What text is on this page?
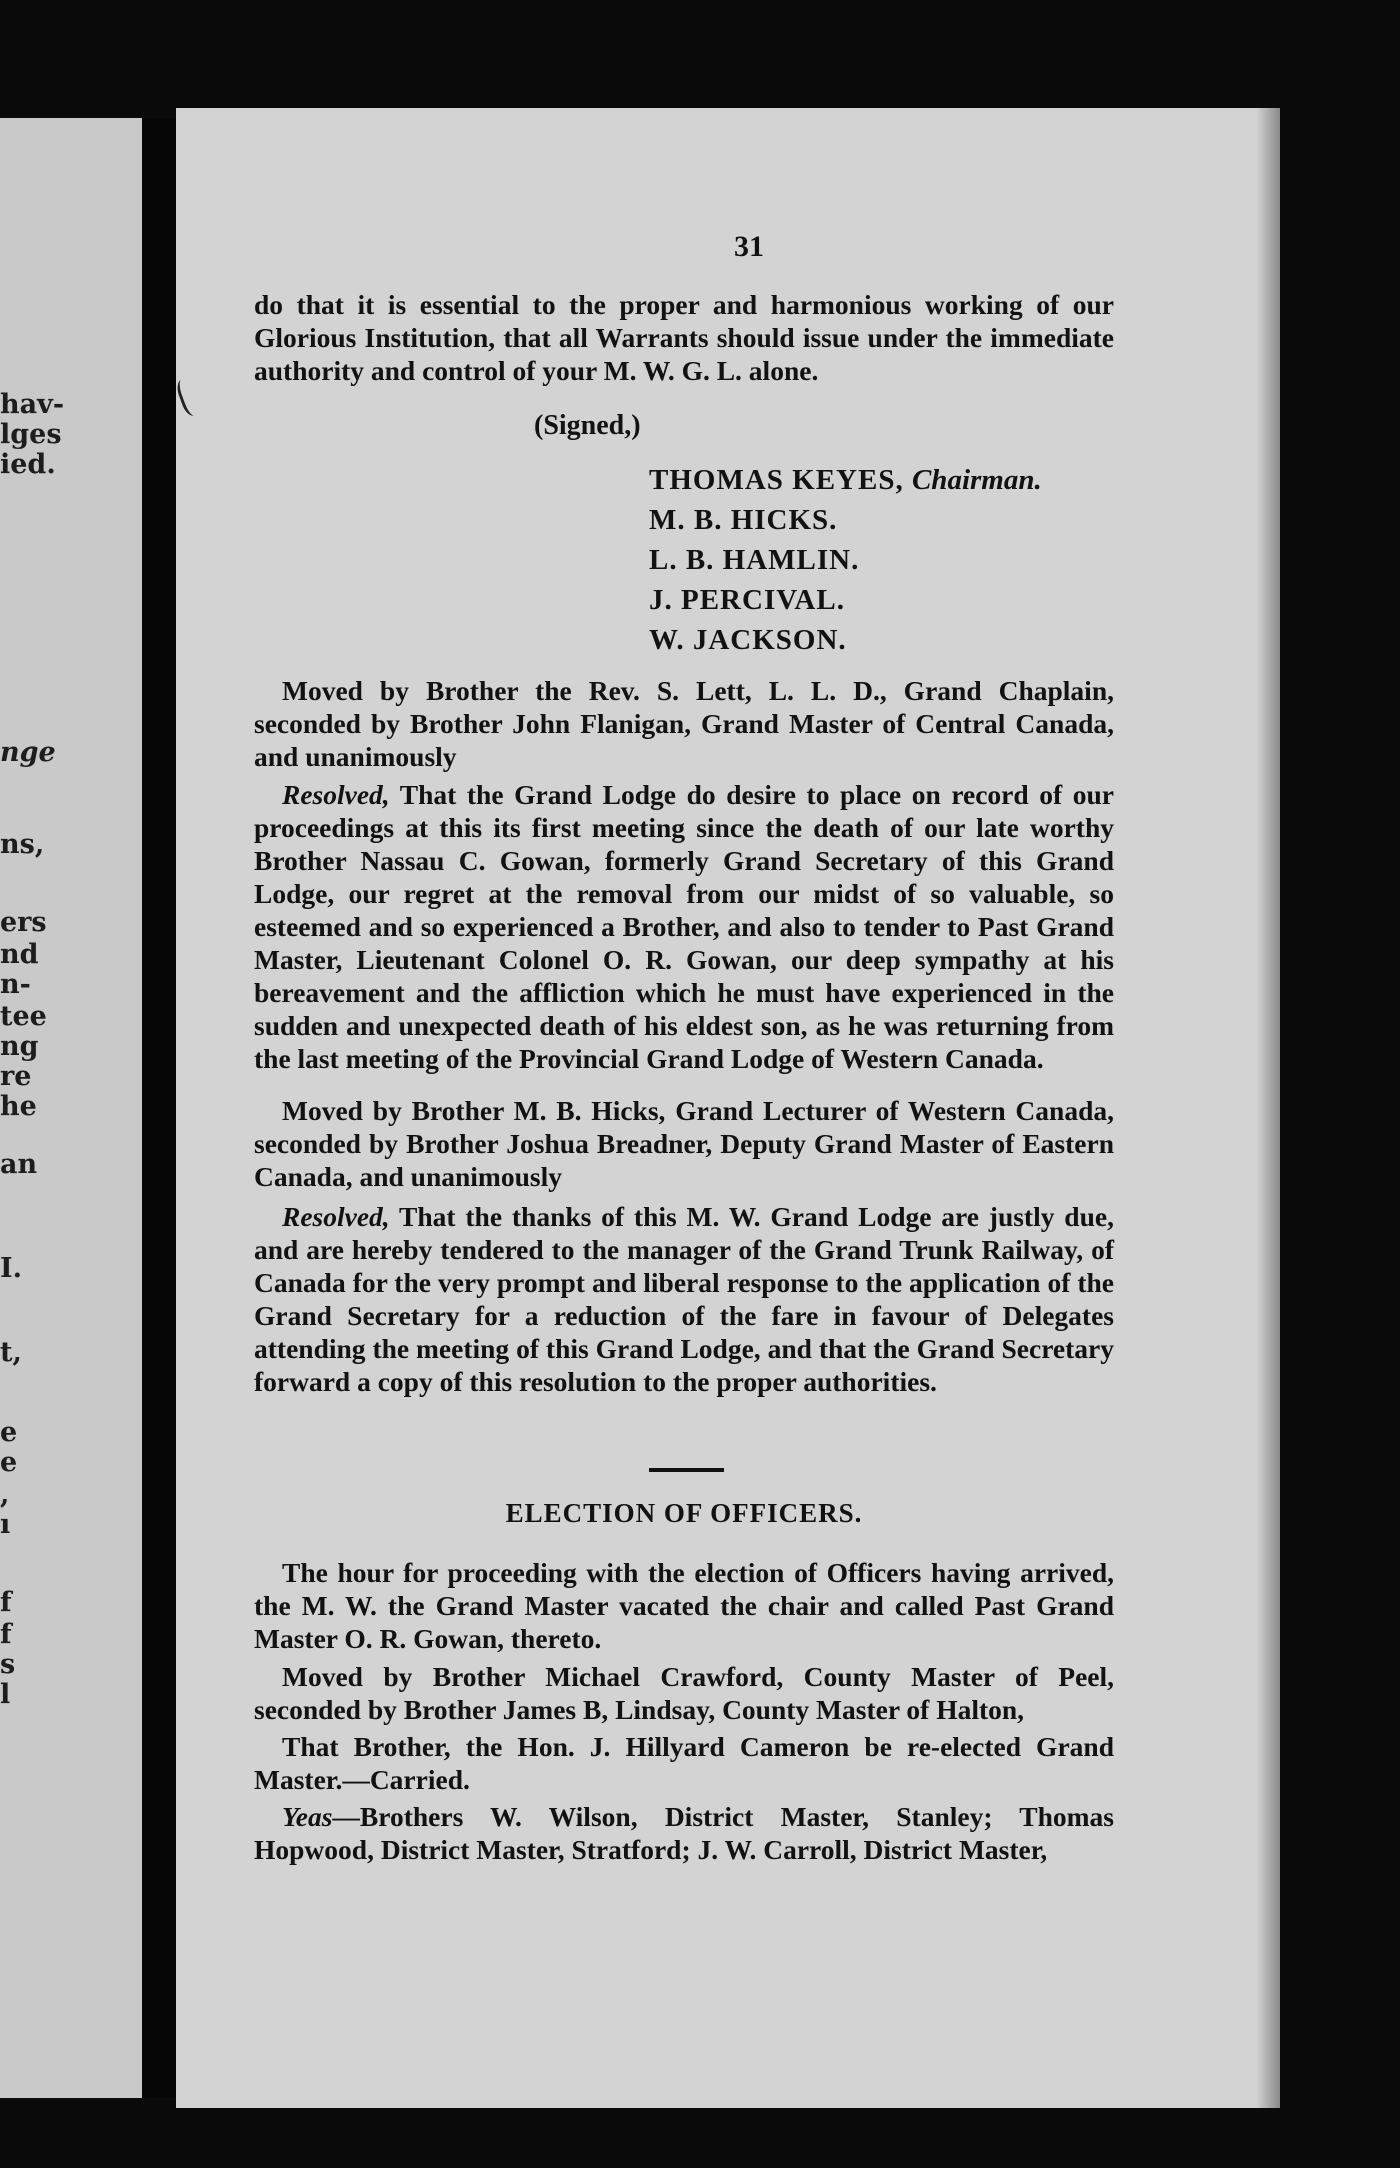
hav-
lges
ied.
nge
ns,
ers
nd
n-
tee
ng
re
he
an
I.
t,
e
e
,
ı
f
f
s
l
31

do that it is essential to the proper and harmonious working of our Glorious Institution, that all Warrants should issue under the immediate authority and control of your M. W. G. L. alone.

(Signed,)
THOMAS KEYES, Chairman.
M. B. HICKS.
L. B. HAMLIN.
J. PERCIVAL.
W. JACKSON.

Moved by Brother the Rev. S. Lett, L. L. D., Grand Chaplain, seconded by Brother John Flanigan, Grand Master of Central Canada, and unanimously

Resolved, That the Grand Lodge do desire to place on record of our proceedings at this its first meeting since the death of our late worthy Brother Nassau C. Gowan, formerly Grand Secretary of this Grand Lodge, our regret at the removal from our midst of so valuable, so esteemed and so experienced a Brother, and also to tender to Past Grand Master, Lieutenant Colonel O. R. Gowan, our deep sympathy at his bereavement and the affliction which he must have experienced in the sudden and unexpected death of his eldest son, as he was returning from the last meeting of the Provincial Grand Lodge of Western Canada.

Moved by Brother M. B. Hicks, Grand Lecturer of Western Canada, seconded by Brother Joshua Breadner, Deputy Grand Master of Eastern Canada, and unanimously

Resolved, That the thanks of this M. W. Grand Lodge are justly due, and are hereby tendered to the manager of the Grand Trunk Railway, of Canada for the very prompt and liberal response to the application of the Grand Secretary for a reduction of the fare in favour of Delegates attending the meeting of this Grand Lodge, and that the Grand Secretary forward a copy of this resolution to the proper authorities.

ELECTION OF OFFICERS.

The hour for proceeding with the election of Officers having arrived, the M. W. the Grand Master vacated the chair and called Past Grand Master O. R. Gowan, thereto.

Moved by Brother Michael Crawford, County Master of Peel, seconded by Brother James B, Lindsay, County Master of Halton,

That Brother, the Hon. J. Hillyard Cameron be re-elected Grand Master.—Carried.

Yeas—Brothers W. Wilson, District Master, Stanley; Thomas Hopwood, District Master, Stratford; J. W. Carroll, District Master,
